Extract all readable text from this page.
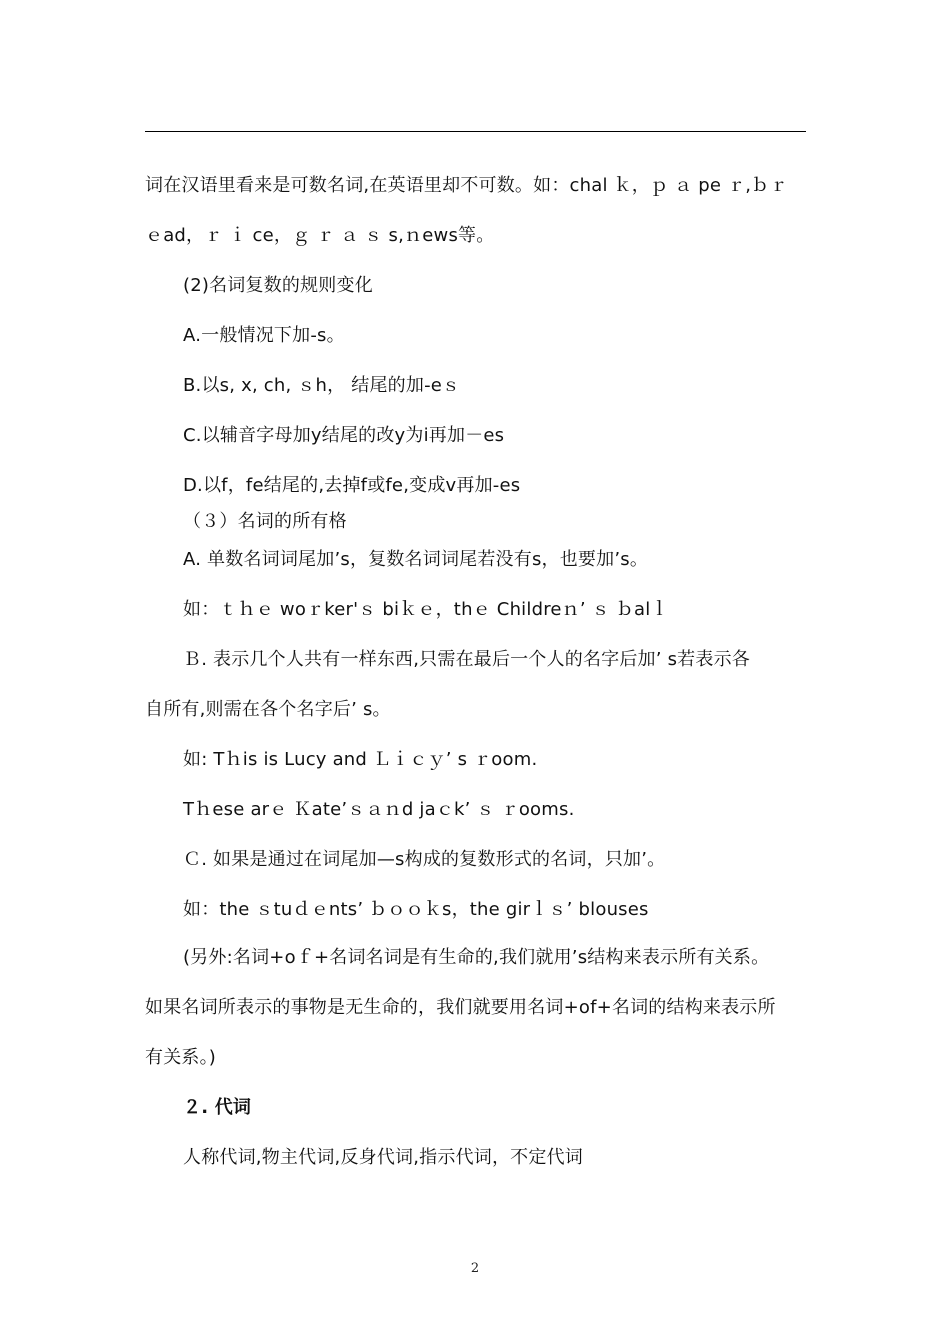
词在汉语里看来是可数名词,在英语里却不可数。如：chal ｋ，ｐ ａ pe ｒ,ｂｒ
ｅad，ｒ ｉ ce，ｇ ｒ ａ ｓ s,ｎews等。
(2)名词复数的规则变化
A.一般情况下加-s。
B.以s, x, ch, ｓh， 结尾的加-eｓ
C.以辅音字母加y结尾的改y为i再加－es
D.以f，fe结尾的,去掉f或fe,变成v再加-es
（３）名词的所有格
A. 单数名词词尾加’s，复数名词词尾若没有s，也要加’s。
如：ｔｈｅ woｒker'ｓ biｋｅ，thｅ Childreｎ’ ｓ ｂalｌ
Ｂ. 表示几个人共有一样东西,只需在最后一个人的名字后加’ s若表示各
自所有,则需在各个名字后’ s。
如: Tｈis is Lucy and Ｌｉｃｙ’ s ｒoom.
Tｈese arｅ Ｋate’ｓａｎd jaｃk’ ｓ ｒooms.
Ｃ. 如果是通过在词尾加—s构成的复数形式的名词，只加’。
如：the ｓtuｄｅnts’ ｂｏｏｋs，the girｌｓ’ blouses
(另外:名词+oｆ+名词名词是有生命的,我们就用’s结构来表示所有关系。
如果名词所表示的事物是无生命的，我们就要用名词+of+名词的结构来表示所
有关系。)
２. 代词
人称代词,物主代词,反身代词,指示代词，不定代词
2
